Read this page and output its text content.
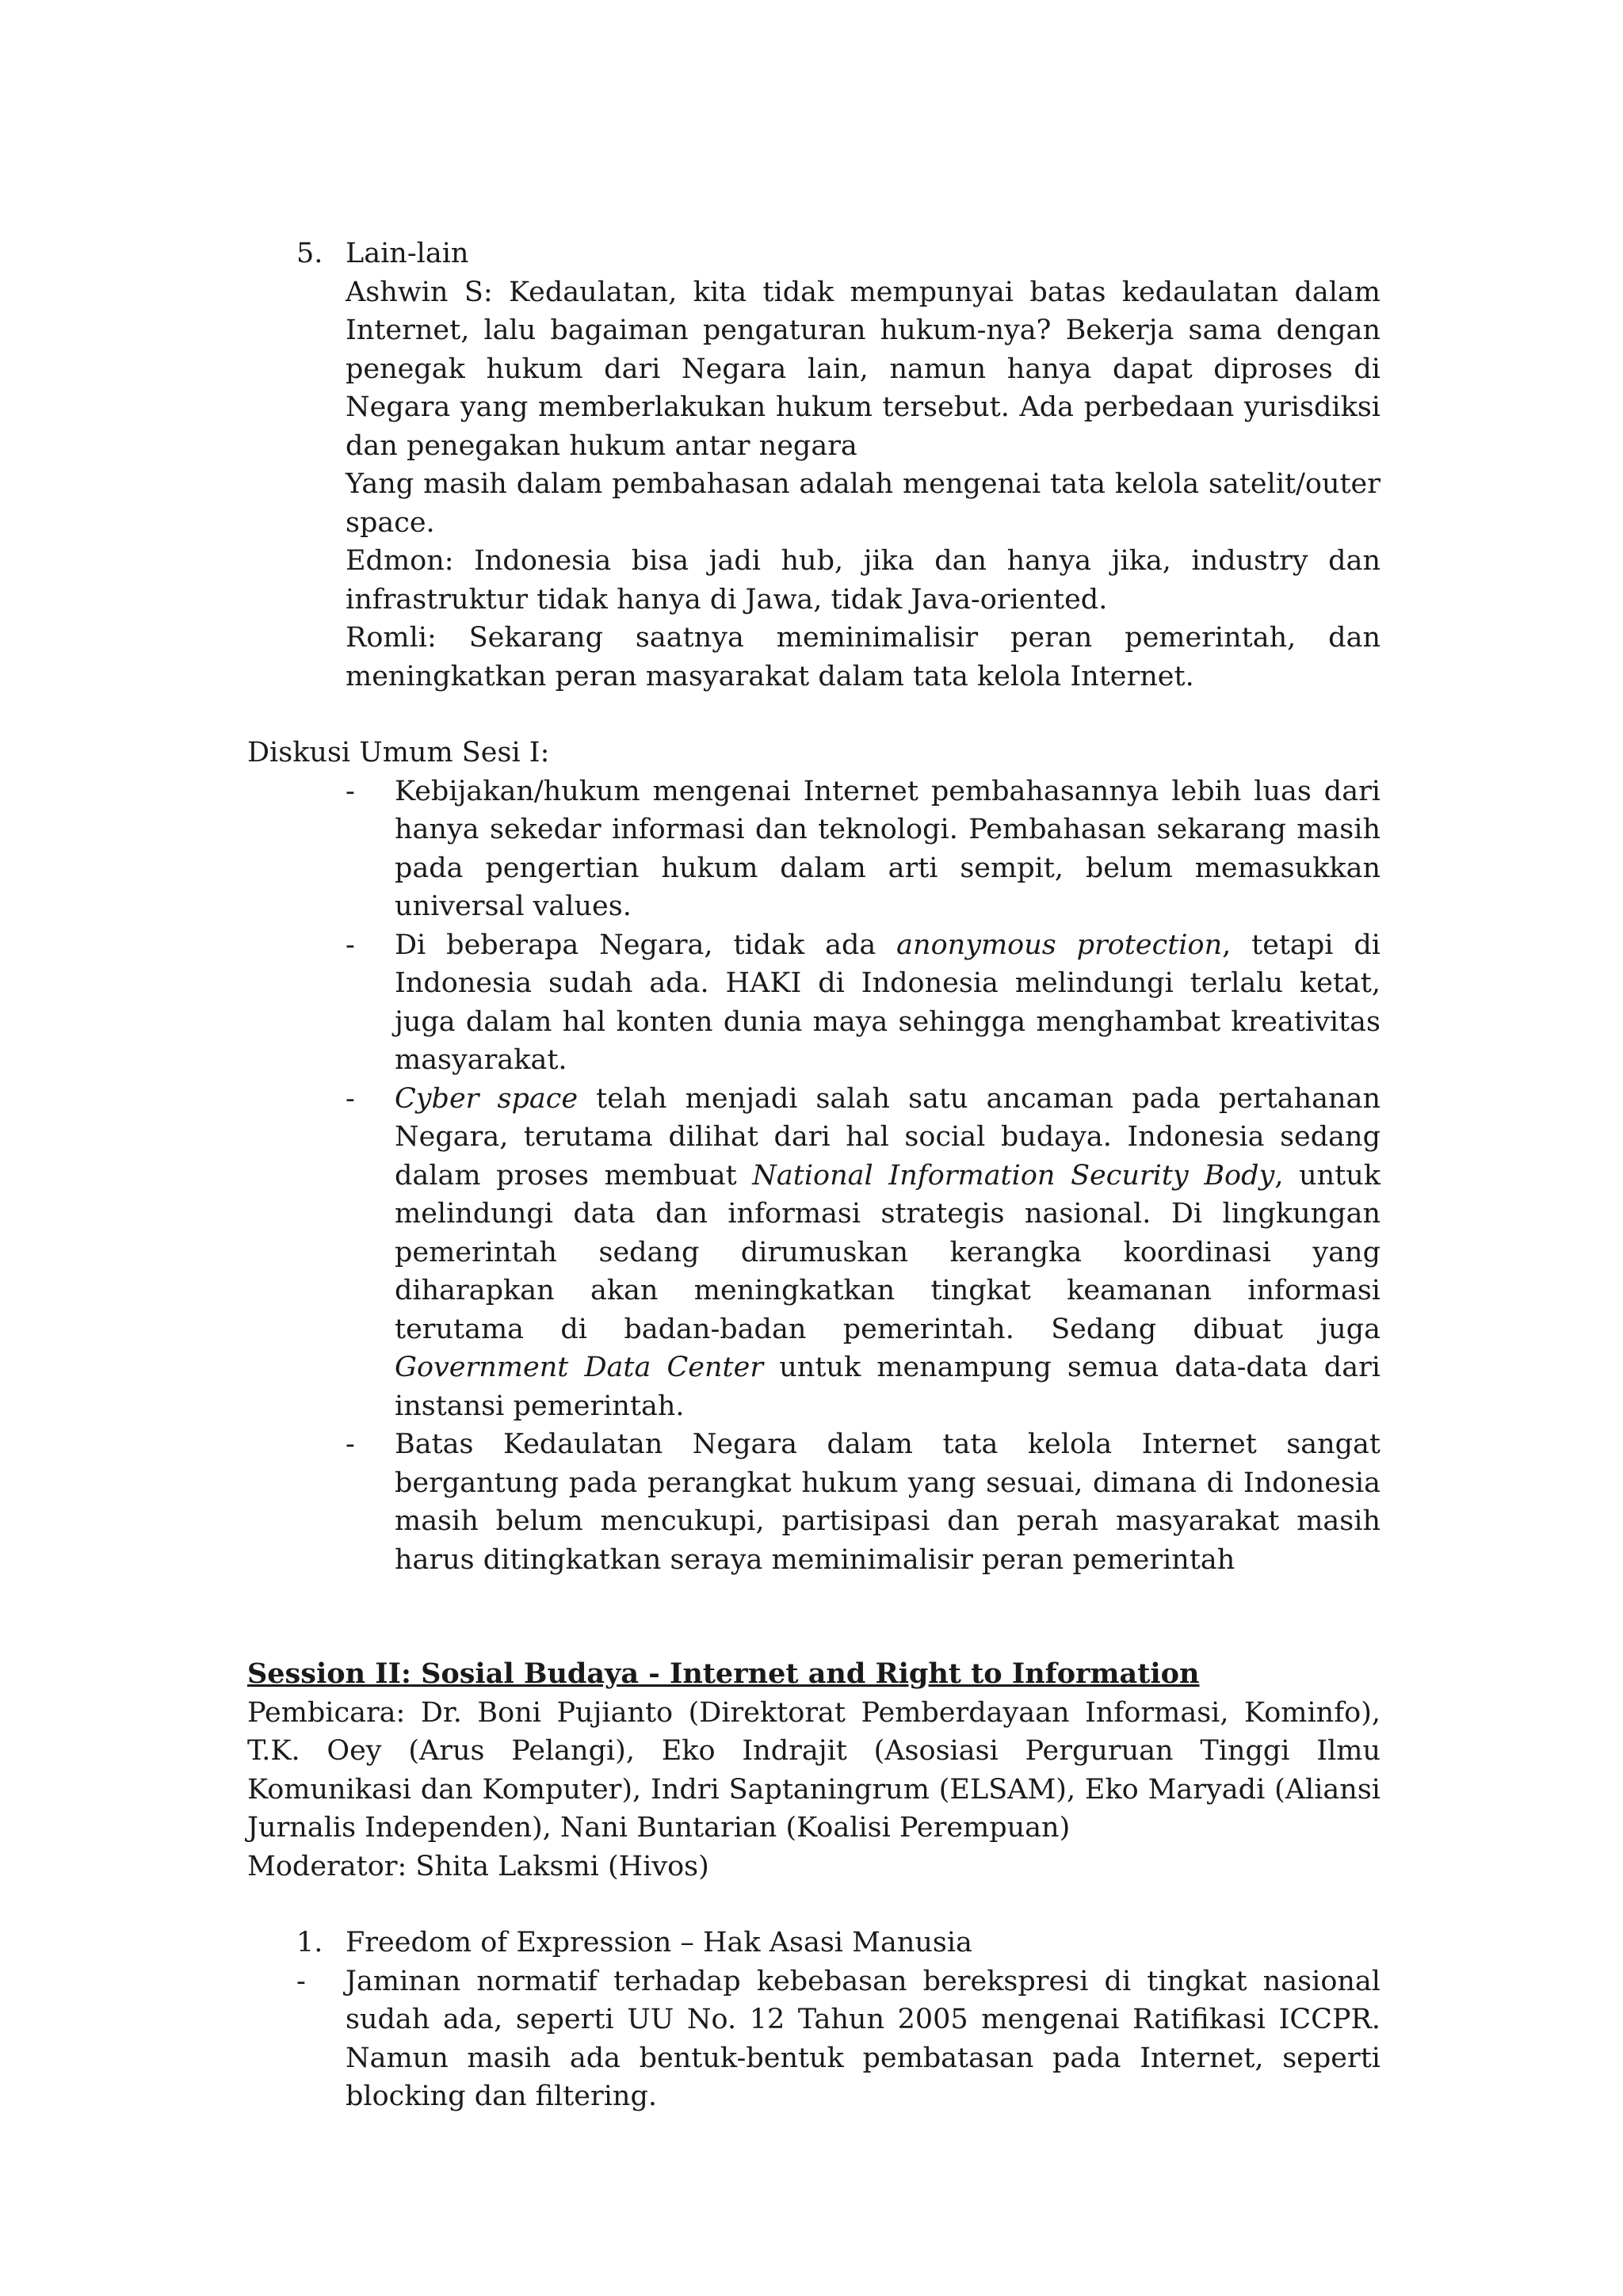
5. Lain-lain
Ashwin S: Kedaulatan, kita tidak mempunyai batas kedaulatan dalam Internet, lalu bagaiman pengaturan hukum-nya? Bekerja sama dengan penegak hukum dari Negara lain, namun hanya dapat diproses di Negara yang memberlakukan hukum tersebut. Ada perbedaan yurisdiksi dan penegakan hukum antar negara
Yang masih dalam pembahasan adalah mengenai tata kelola satelit/outer space.
Edmon: Indonesia bisa jadi hub, jika dan hanya jika, industry dan infrastruktur tidak hanya di Jawa, tidak Java-oriented.
Romli: Sekarang saatnya meminimalisir peran pemerintah, dan meningkatkan peran masyarakat dalam tata kelola Internet.

Diskusi Umum Sesi I:

- Kebijakan/hukum mengenai Internet pembahasannya lebih luas dari hanya sekedar informasi dan teknologi. Pembahasan sekarang masih pada pengertian hukum dalam arti sempit, belum memasukkan universal values.

- Di beberapa Negara, tidak ada anonymous protection, tetapi di Indonesia sudah ada. HAKI di Indonesia melindungi terlalu ketat, juga dalam hal konten dunia maya sehingga menghambat kreativitas masyarakat.

- Cyber space telah menjadi salah satu ancaman pada pertahanan Negara, terutama dilihat dari hal social budaya. Indonesia sedang dalam proses membuat National Information Security Body, untuk melindungi data dan informasi strategis nasional. Di lingkungan pemerintah sedang dirumuskan kerangka koordinasi yang diharapkan akan meningkatkan tingkat keamanan informasi terutama di badan-badan pemerintah. Sedang dibuat juga Government Data Center untuk menampung semua data-data dari instansi pemerintah.

- Batas Kedaulatan Negara dalam tata kelola Internet sangat bergantung pada perangkat hukum yang sesuai, dimana di Indonesia masih belum mencukupi, partisipasi dan perah masyarakat masih harus ditingkatkan seraya meminimalisir peran pemerintah

Session II: Sosial Budaya - Internet and Right to Information

Pembicara: Dr. Boni Pujianto (Direktorat Pemberdayaan Informasi, Kominfo), T.K. Oey (Arus Pelangi), Eko Indrajit (Asosiasi Perguruan Tinggi Ilmu Komunikasi dan Komputer), Indri Saptaningrum (ELSAM), Eko Maryadi (Aliansi Jurnalis Independen), Nani Buntarian (Koalisi Perempuan)

Moderator: Shita Laksmi (Hivos)

1. Freedom of Expression – Hak Asasi Manusia
- Jaminan normatif terhadap kebebasan berekspresi di tingkat nasional sudah ada, seperti UU No. 12 Tahun 2005 mengenai Ratifikasi ICCPR. Namun masih ada bentuk-bentuk pembatasan pada Internet, seperti blocking dan filtering.
